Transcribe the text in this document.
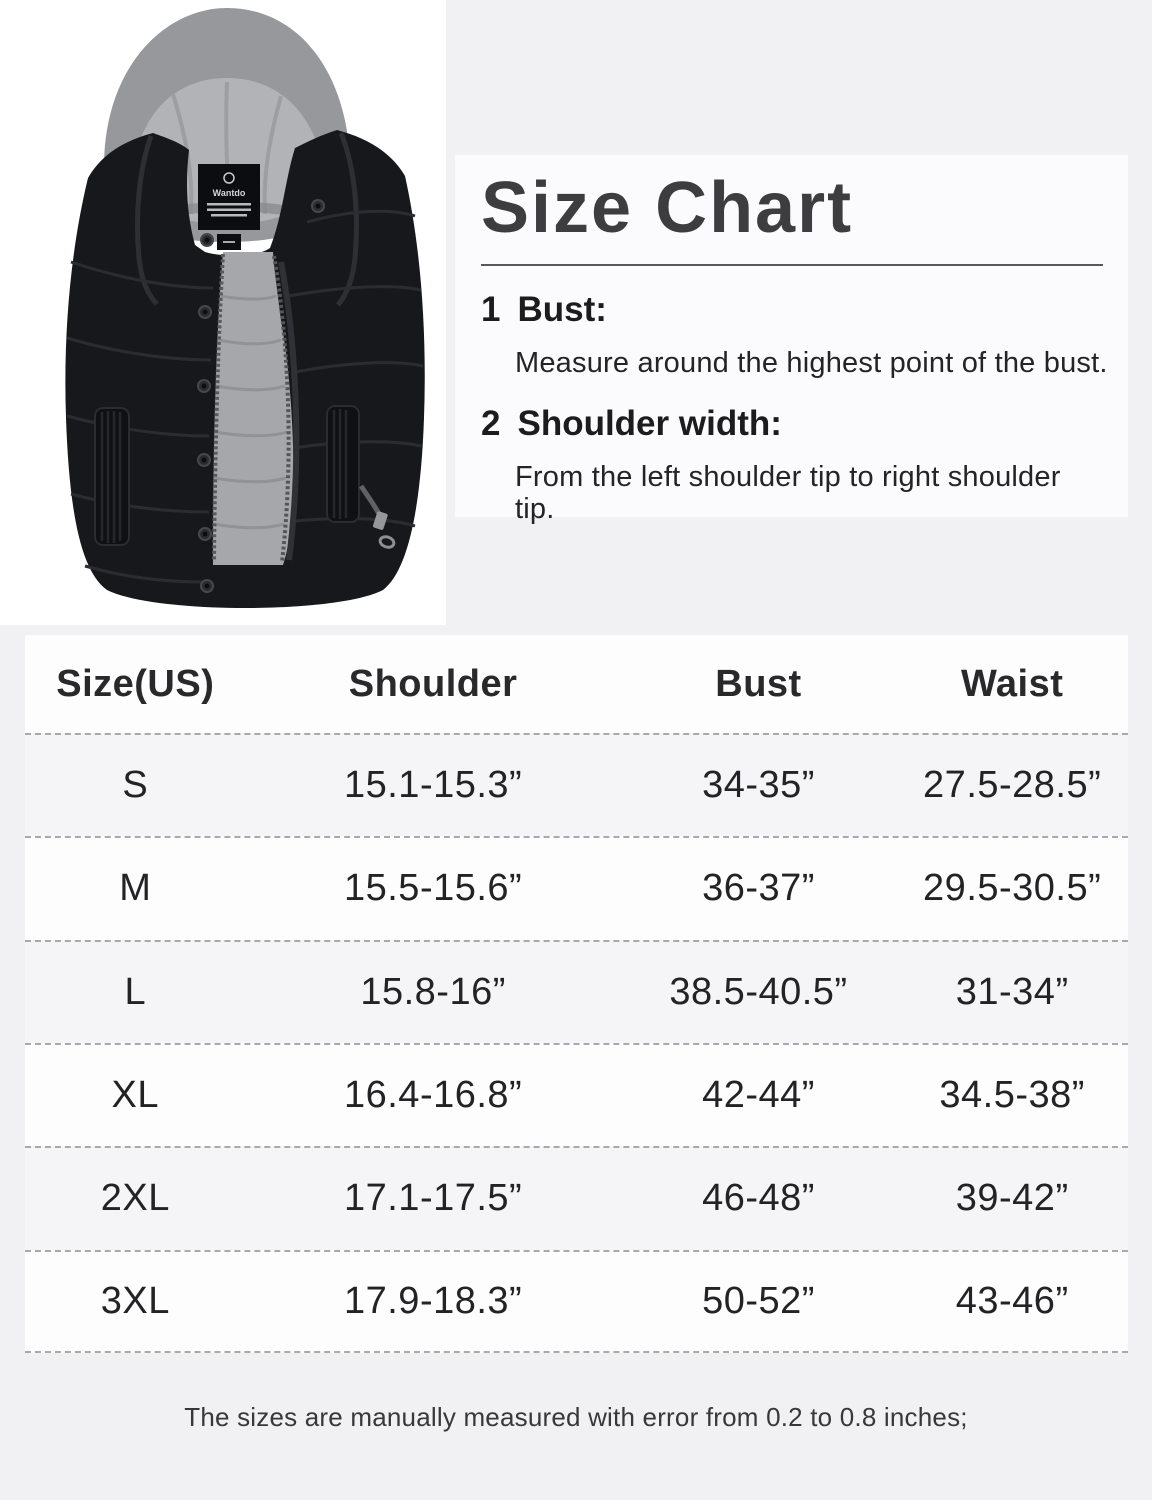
Wantdo	Size Chart
1 Bust:

Measure around the highest point of the bust.

2 Shoulder width:

From the left shoulder tip to right shoulder tip.

Size(US)	Shoulder	Bust	Waist
S	15.1-15.3”	34-35”	27.5-28.5”
M	15.5-15.6”	36-37”	29.5-30.5”
L	15.8-16”	38.5-40.5”	31-34”
XL	16.4-16.8”	42-44”	34.5-38”
2XL	17.1-17.5”	46-48”	39-42”
3XL	17.9-18.3”	50-52”	43-46”

The sizes are manually measured with error from 0.2 to 0.8 inches;
